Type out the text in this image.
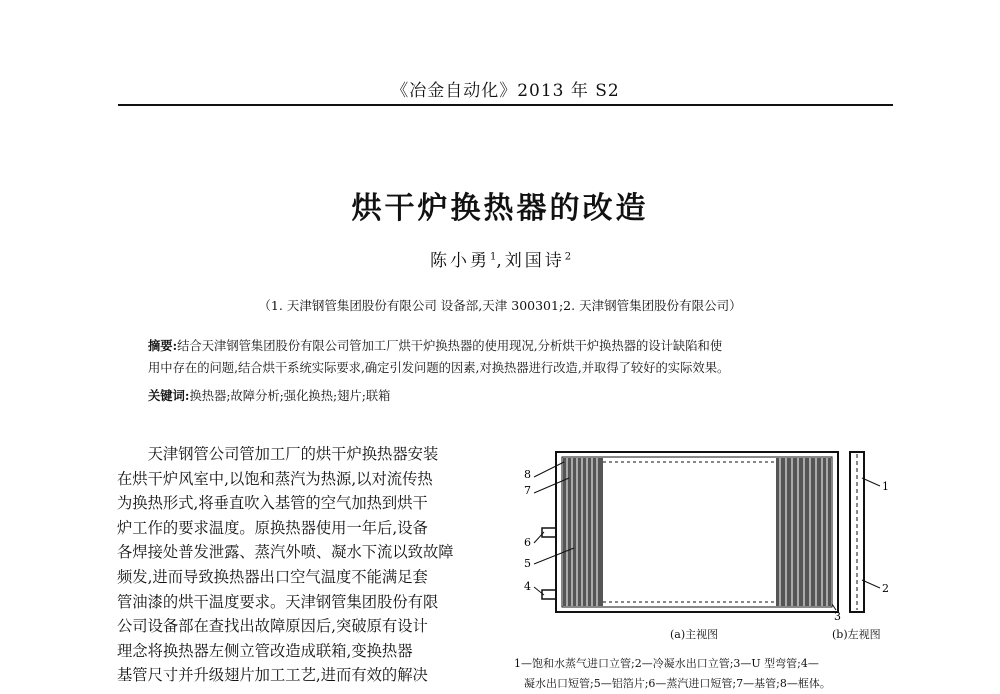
《冶金自动化》2013 年 S2
烘干炉换热器的改造
陈小勇$^1$,刘国诗$^2$
（1. 天津钢管集团股份有限公司 设备部,天津 300301;2. 天津钢管集团股份有限公司）
摘要:结合天津钢管集团股份有限公司管加工厂烘干炉换热器的使用现况,分析烘干炉换热器的设计缺陷和使
用中存在的问题,结合烘干系统实际要求,确定引发问题的因素,对换热器进行改造,并取得了较好的实际效果。
关键词:换热器;故障分析;强化换热;翅片;联箱

天津钢管公司管加工厂的烘干炉换热器安装

在烘干炉风室中,以饱和蒸汽为热源,以对流传热
为换热形式,将垂直吹入基管的空气加热到烘干
炉工作的要求温度。原换热器使用一年后,设备
各焊接处普发泄露、蒸汽外喷、凝水下流以致故障
频发,进而导致换热器出口空气温度不能满足套
管油漆的烘干温度要求。天津钢管集团股份有限
公司设备部在查找出故障原因后,突破原有设计
理念将换热器左侧立管改造成联箱,变换热器
基管尺寸并升级翅片加工工艺,进而有效的解决
8
7
6
5
4
1
2
3
(a)主视图	(b)左视图
1—饱和水蒸气进口立管;2—冷凝水出口立管;3—U 型弯管;4—
凝水出口短管;5—铝箔片;6—蒸汽进口短管;7—基管;8—框体。
